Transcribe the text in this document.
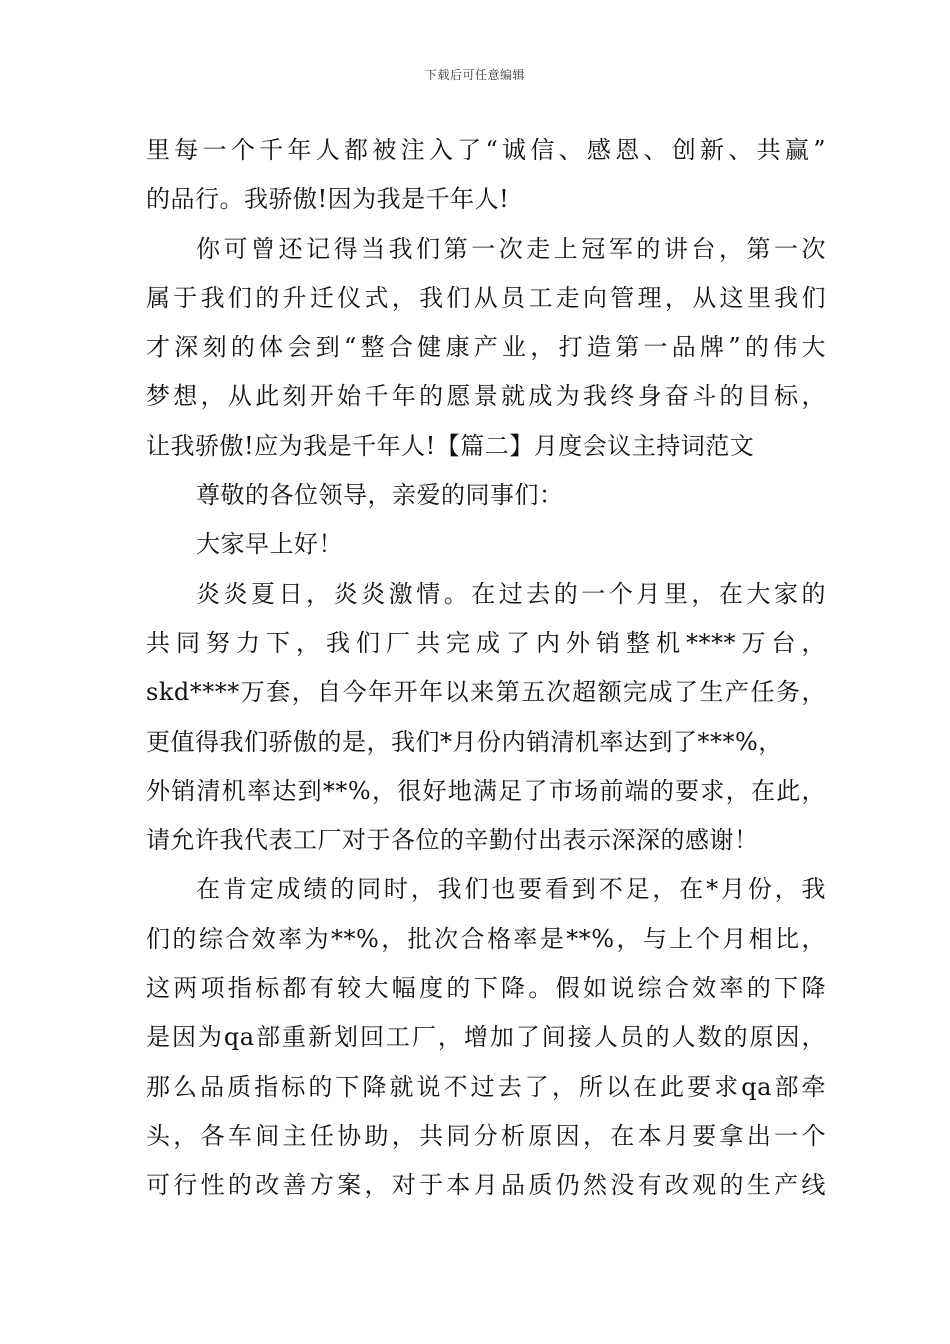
下载后可任意编辑
里每一个千年人都被注入了“诚信、感恩、创新、共赢”
的品行。我骄傲!因为我是千年人!
你可曾还记得当我们第一次走上冠军的讲台，第一次
属于我们的升迁仪式，我们从员工走向管理，从这里我们
才深刻的体会到“整合健康产业，打造第一品牌”的伟大
梦想，从此刻开始千年的愿景就成为我终身奋斗的目标，
让我骄傲!应为我是千年人!【篇二】月度会议主持词范文
尊敬的各位领导，亲爱的同事们：
大家早上好！
炎炎夏日，炎炎激情。在过去的一个月里，在大家的
共同努力下，我们厂共完成了内外销整机****万台，
skd****万套，自今年开年以来第五次超额完成了生产任务，
更值得我们骄傲的是，我们*月份内销清机率达到了***%，
外销清机率达到**%，很好地满足了市场前端的要求，在此，
请允许我代表工厂对于各位的辛勤付出表示深深的感谢！
在肯定成绩的同时，我们也要看到不足，在*月份，我
们的综合效率为**%，批次合格率是**%，与上个月相比，
这两项指标都有较大幅度的下降。假如说综合效率的下降
是因为qa部重新划回工厂，增加了间接人员的人数的原因，
那么品质指标的下降就说不过去了，所以在此要求qa部牵
头，各车间主任协助，共同分析原因，在本月要拿出一个
可行性的改善方案，对于本月品质仍然没有改观的生产线
